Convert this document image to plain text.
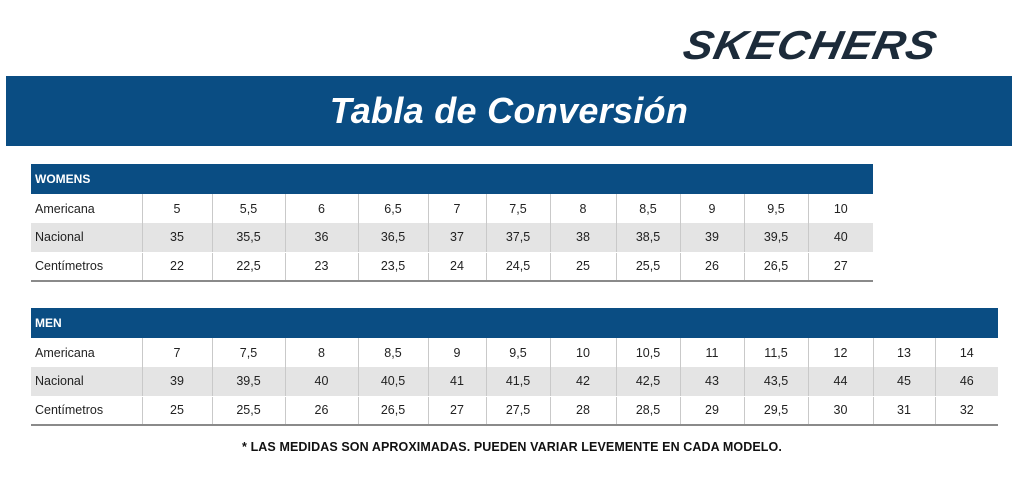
SKECHERS
Tabla de Conversión
WOMENS											
Americana	5	5,5	6	6,5	7	7,5	8	8,5	9	9,5	10
Nacional	35	35,5	36	36,5	37	37,5	38	38,5	39	39,5	40
Centímetros	22	22,5	23	23,5	24	24,5	25	25,5	26	26,5	27
MEN													
Americana	7	7,5	8	8,5	9	9,5	10	10,5	11	11,5	12	13	14
Nacional	39	39,5	40	40,5	41	41,5	42	42,5	43	43,5	44	45	46
Centímetros	25	25,5	26	26,5	27	27,5	28	28,5	29	29,5	30	31	32
* LAS MEDIDAS SON APROXIMADAS. PUEDEN VARIAR LEVEMENTE EN CADA MODELO.
